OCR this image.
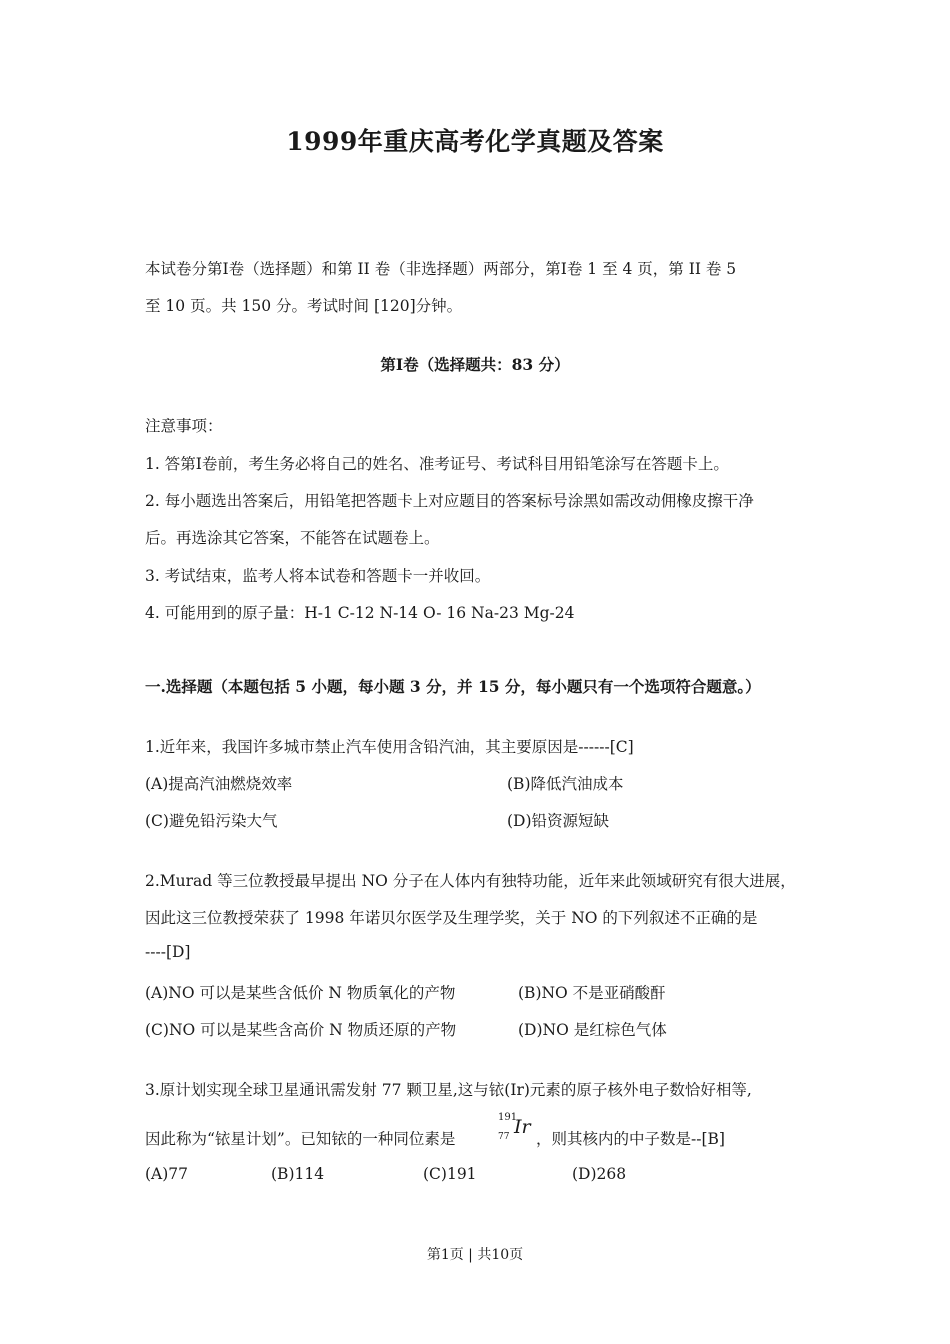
1999年重庆高考化学真题及答案
本试卷分第Ⅰ卷（选择题）和第 II 卷（非选择题）两部分，第Ⅰ卷 1 至 4 页，第 II 卷 5
至 10 页。共 150 分。考试时间 [120]分钟。
第Ⅰ卷（选择题共：83 分）
注意事项：
1. 答第Ⅰ卷前，考生务必将自己的姓名、准考证号、考试科目用铅笔涂写在答题卡上。
2. 每小题选出答案后，用铅笔把答题卡上对应题目的答案标号涂黑如需改动佣橡皮擦干净
后。再选涂其它答案，不能答在试题卷上。
3. 考试结束，监考人将本试卷和答题卡一并收回。
4. 可能用到的原子量：H-1 C-12 N-14 O- 16 Na-23 Mg-24
一.选择题（本题包括 5 小题，每小题 3 分，并 15 分，每小题只有一个选项符合题意。）
1.近年来，我国许多城市禁止汽车使用含铅汽油，其主要原因是------[C]
(A)提高汽油燃烧效率	(B)降低汽油成本
(C)避免铅污染大气	(D)铅资源短缺
2.Murad 等三位教授最早提出 NO 分子在人体内有独特功能，近年来此领域研究有很大进展，
因此这三位教授荣获了 1998 年诺贝尔医学及生理学奖，关于 NO 的下列叙述不正确的是
----[D]
(A)NO 可以是某些含低价 N 物质氧化的产物	(B)NO 不是亚硝酸酐
(C)NO 可以是某些含高价 N 物质还原的产物	(D)NO 是红棕色气体
3.原计划实现全球卫星通讯需发射 77 颗卫星,这与铱(Ir)元素的原子核外电子数恰好相等,
因此称为“铱星计划”。已知铱的一种同位素是
191
77 Ir
，则其核内的中子数是--[B]
(A)77	(B)114	(C)191	(D)268
第1页 | 共10页
